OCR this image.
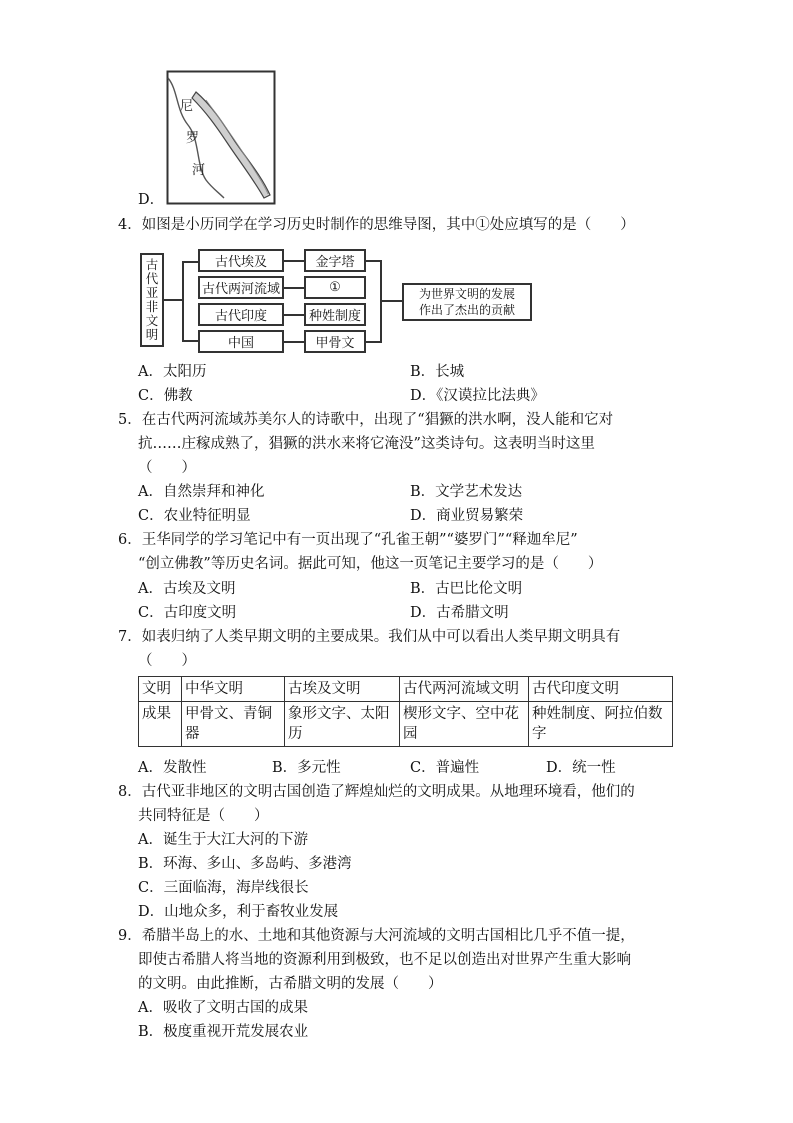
D．
尼
罗
河
4．如图是小历同学在学习历史时制作的思维导图，其中①处应填写的是（　　）
古
代
亚
非
文
明
古代埃及
古代两河流域
古代印度
中国
金字塔
①
种姓制度
甲骨文
为世界文明的发展
作出了杰出的贡献
A．太阳历	B．长城
C．佛教	D．《汉谟拉比法典》
5．在古代两河流域苏美尔人的诗歌中，出现了“猖獗的洪水啊，没人能和它对
抗……庄稼成熟了，猖獗的洪水来将它淹没”这类诗句。这表明当时这里
（　　）
A．自然崇拜和神化	B．文学艺术发达
C．农业特征明显	D．商业贸易繁荣
6．王华同学的学习笔记中有一页出现了“孔雀王朝”“婆罗门”“释迦牟尼”
“创立佛教”等历史名词。据此可知，他这一页笔记主要学习的是（　　）
A．古埃及文明	B．古巴比伦文明
C．古印度文明	D．古希腊文明
7．如表归纳了人类早期文明的主要成果。我们从中可以看出人类早期文明具有
（　　）
文明	中华文明	古埃及文明	古代两河流域文明	古代印度文明
成果	甲骨文、青铜器	象形文字、太阳历	楔形文字、空中花园	种姓制度、阿拉伯数字
A．发散性	B．多元性	C．普遍性	D．统一性
8．古代亚非地区的文明古国创造了辉煌灿烂的文明成果。从地理环境看，他们的
共同特征是（　　）
A．诞生于大江大河的下游
B．环海、多山、多岛屿、多港湾
C．三面临海，海岸线很长
D．山地众多，利于畜牧业发展
9．希腊半岛上的水、土地和其他资源与大河流域的文明古国相比几乎不值一提，
即使古希腊人将当地的资源利用到极致，也不足以创造出对世界产生重大影响
的文明。由此推断，古希腊文明的发展（　　）
A．吸收了文明古国的成果
B．极度重视开荒发展农业
